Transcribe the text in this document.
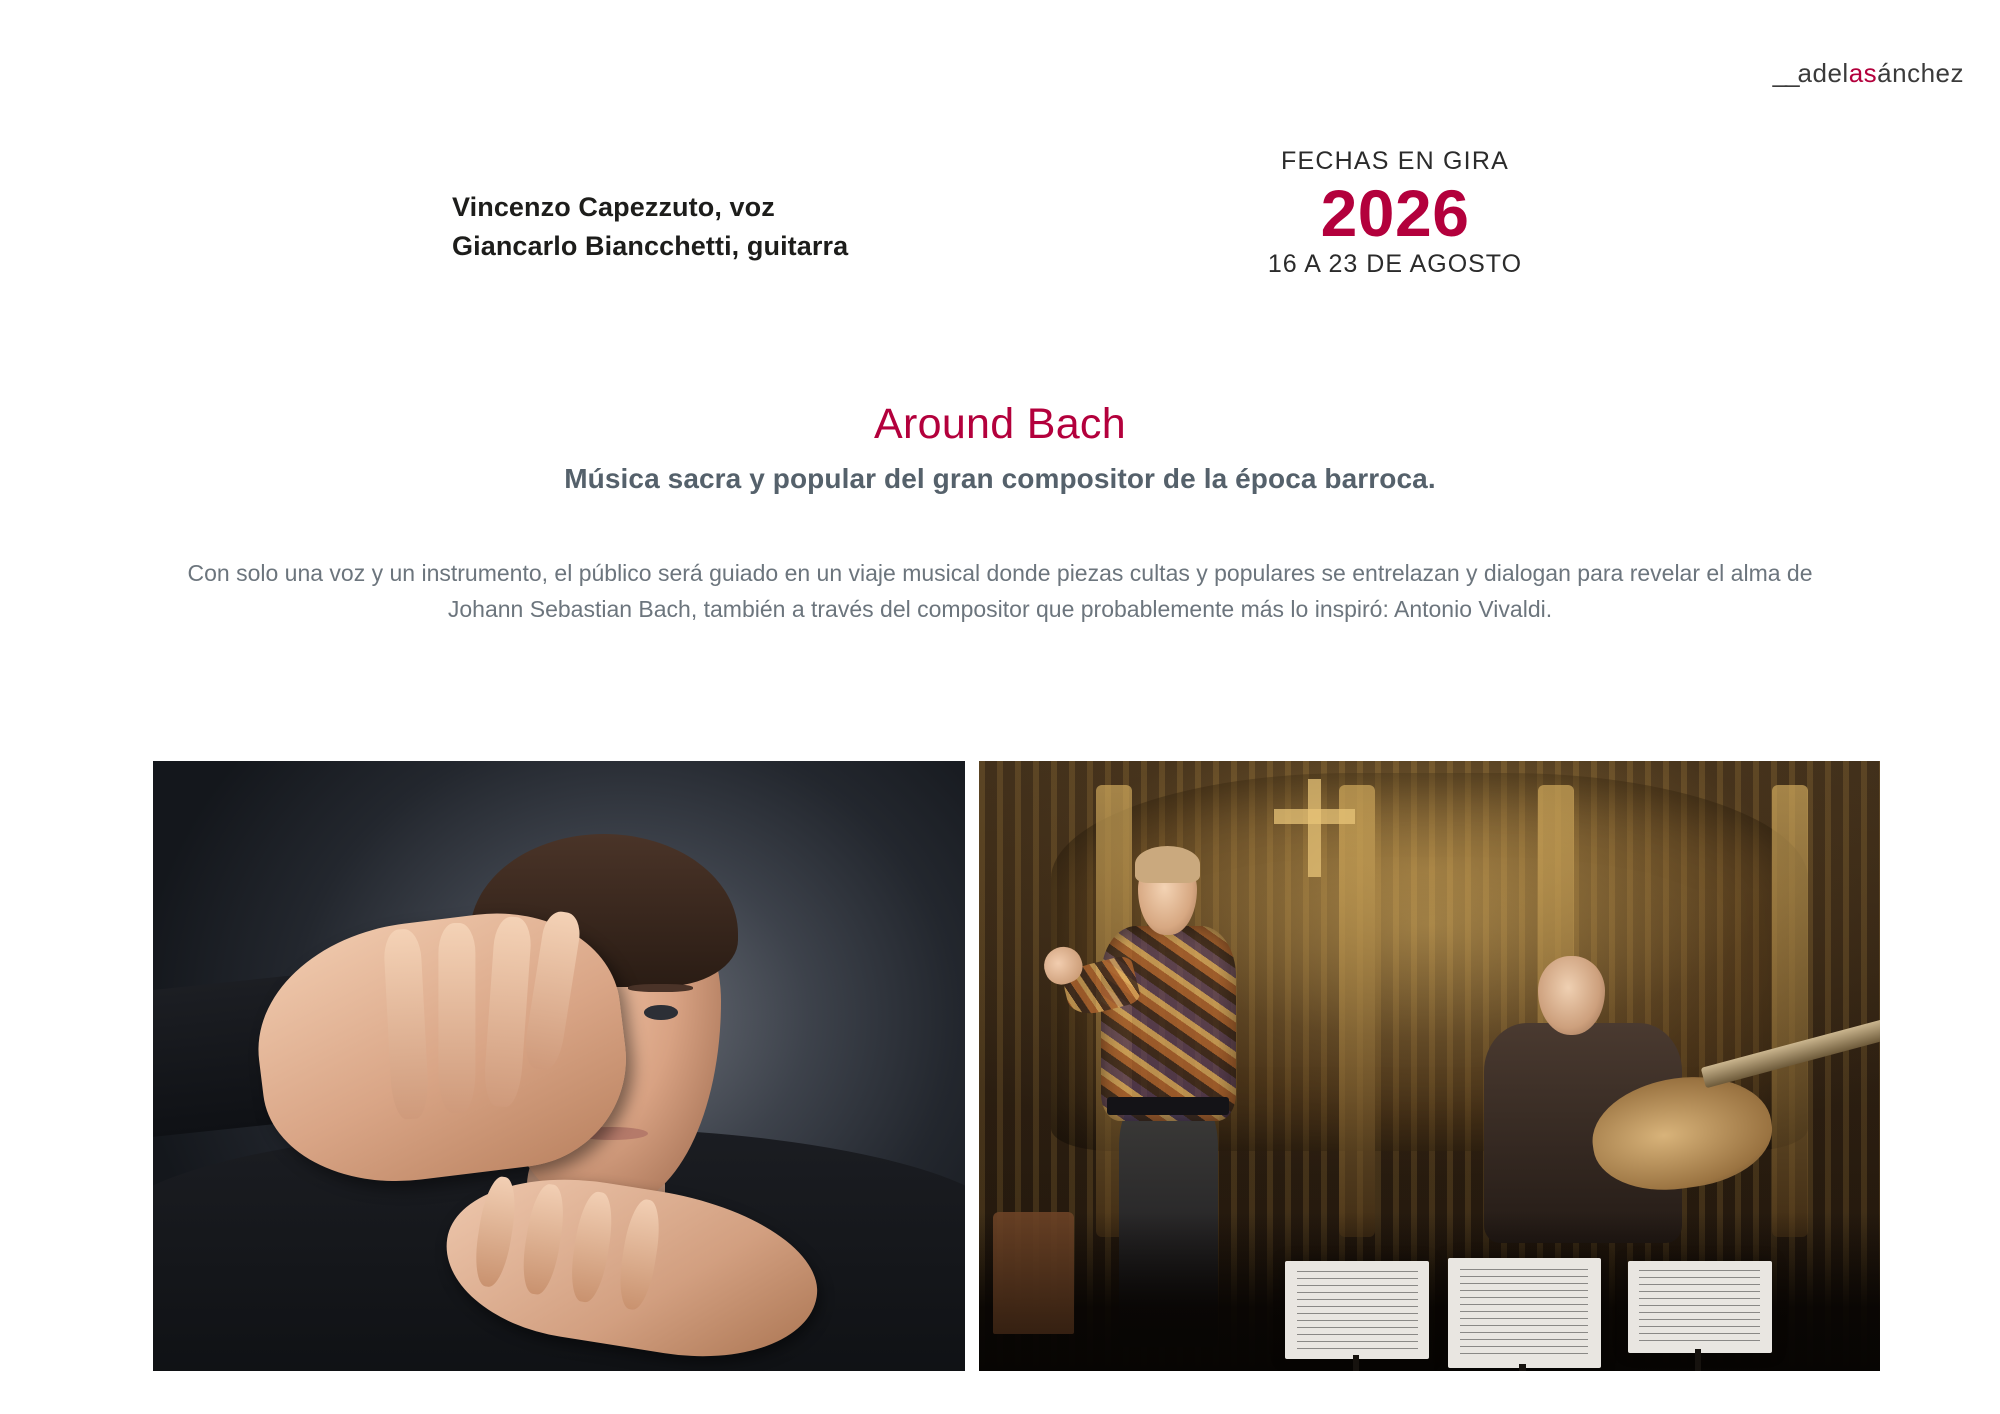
__adelasánchez
Vincenzo Capezzuto, voz
Giancarlo Biancchetti, guitarra
FECHAS EN GIRA
2026
16 A 23 DE AGOSTO
Around Bach
Música sacra y popular del gran compositor de la época barroca.
Con solo una voz y un instrumento, el público será guiado en un viaje musical donde piezas cultas y populares se entrelazan y dialogan para revelar el alma de Johann Sebastian Bach, también a través del compositor que probablemente más lo inspiró: Antonio Vivaldi.
